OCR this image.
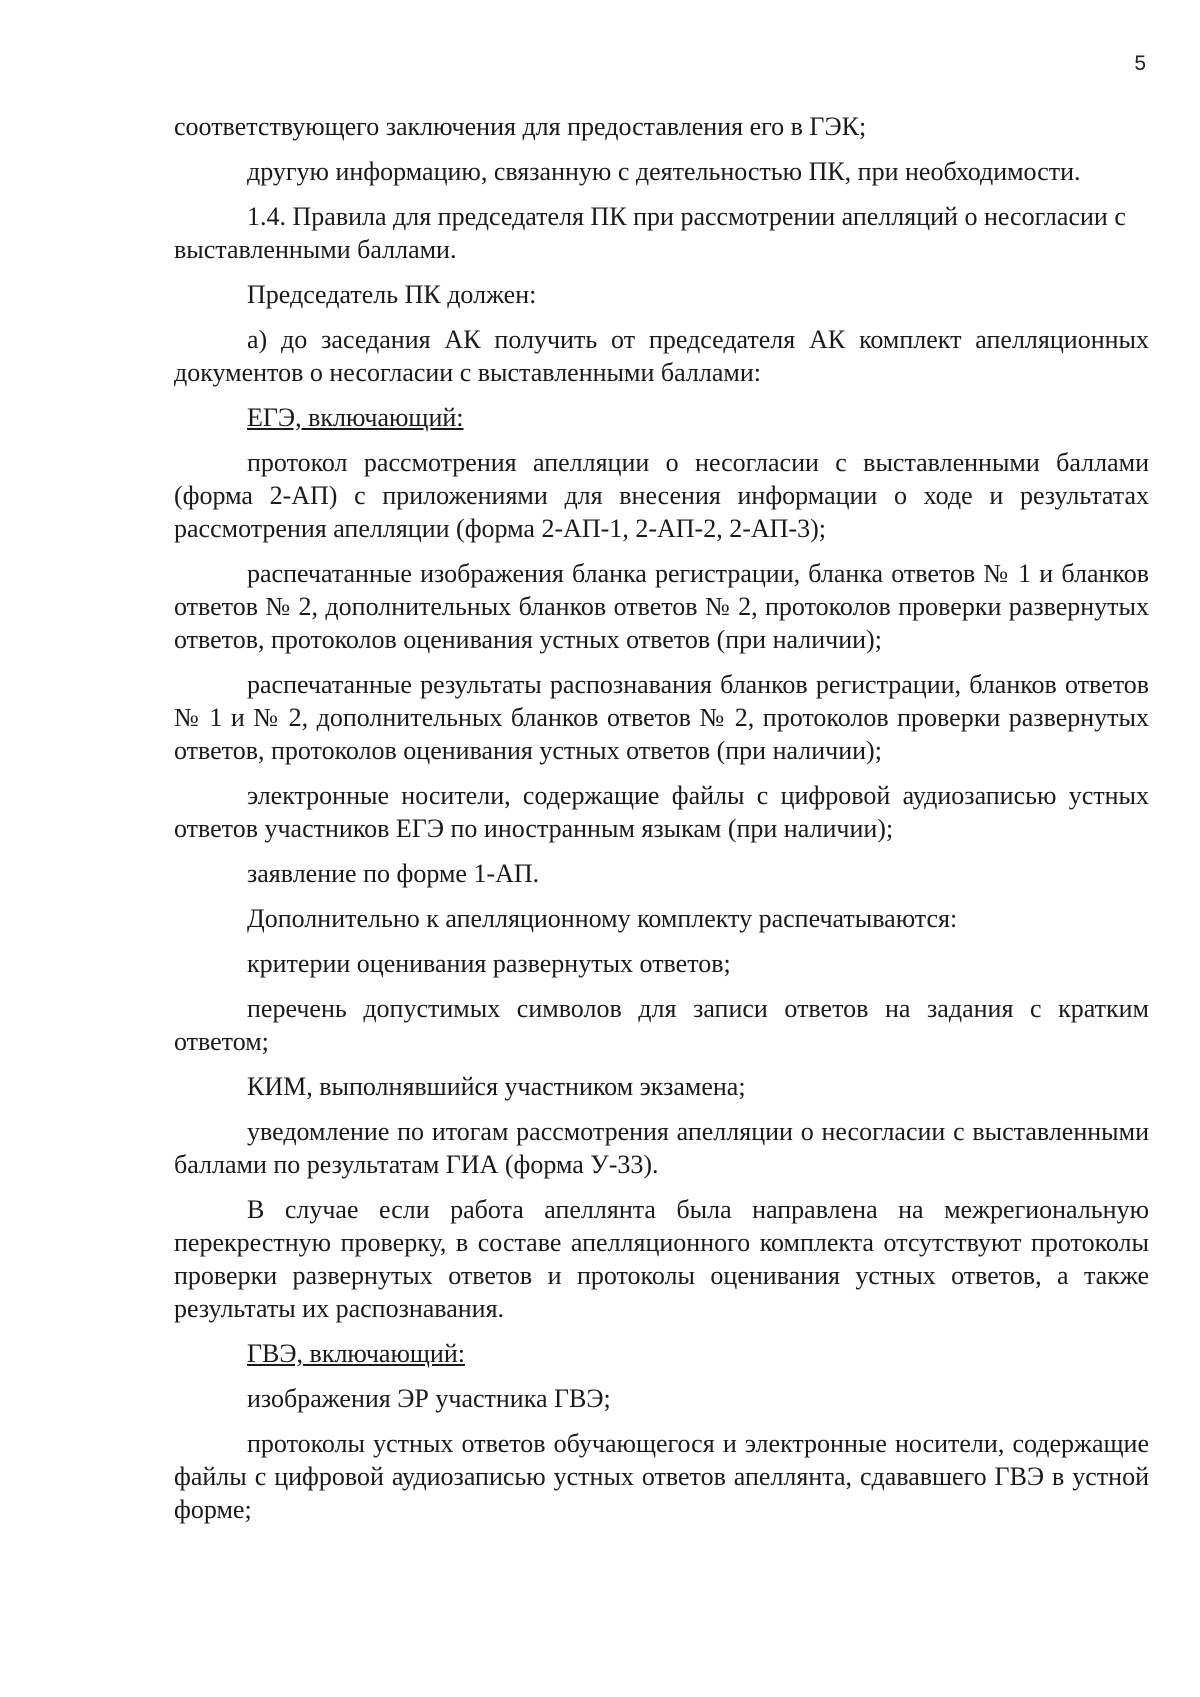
5

соответствующего заключения для предоставления его в ГЭК;

другую информацию, связанную с деятельностью ПК, при необходимости.

1.4. Правила для председателя ПК при рассмотрении апелляций о несогласии с выставленными баллами.

Председатель ПК должен:

а) до заседания АК получить от председателя АК комплект апелляционных документов о несогласии с выставленными баллами:

ЕГЭ, включающий:

протокол рассмотрения апелляции о несогласии с выставленными баллами (форма 2-АП) с приложениями для внесения информации о ходе и результатах рассмотрения апелляции (форма 2-АП-1, 2-АП-2, 2-АП-3);

распечатанные изображения бланка регистрации, бланка ответов № 1 и бланков ответов № 2, дополнительных бланков ответов № 2, протоколов проверки развернутых ответов, протоколов оценивания устных ответов (при наличии);

распечатанные результаты распознавания бланков регистрации, бланков ответов № 1 и № 2, дополнительных бланков ответов № 2, протоколов проверки развернутых ответов, протоколов оценивания устных ответов (при наличии);

электронные носители, содержащие файлы с цифровой аудиозаписью устных ответов участников ЕГЭ по иностранным языкам (при наличии);

заявление по форме 1-АП.

Дополнительно к апелляционному комплекту распечатываются:

критерии оценивания развернутых ответов;

перечень допустимых символов для записи ответов на задания с кратким ответом;

КИМ, выполнявшийся участником экзамена;

уведомление по итогам рассмотрения апелляции о несогласии с выставленными баллами по результатам ГИА (форма У-33).

В случае если работа апеллянта была направлена на межрегиональную перекрестную проверку, в составе апелляционного комплекта отсутствуют протоколы проверки развернутых ответов и протоколы оценивания устных ответов, а также результаты их распознавания.

ГВЭ, включающий:

изображения ЭР участника ГВЭ;

протоколы устных ответов обучающегося и электронные носители, содержащие файлы с цифровой аудиозаписью устных ответов апеллянта, сдававшего ГВЭ в устной форме;
